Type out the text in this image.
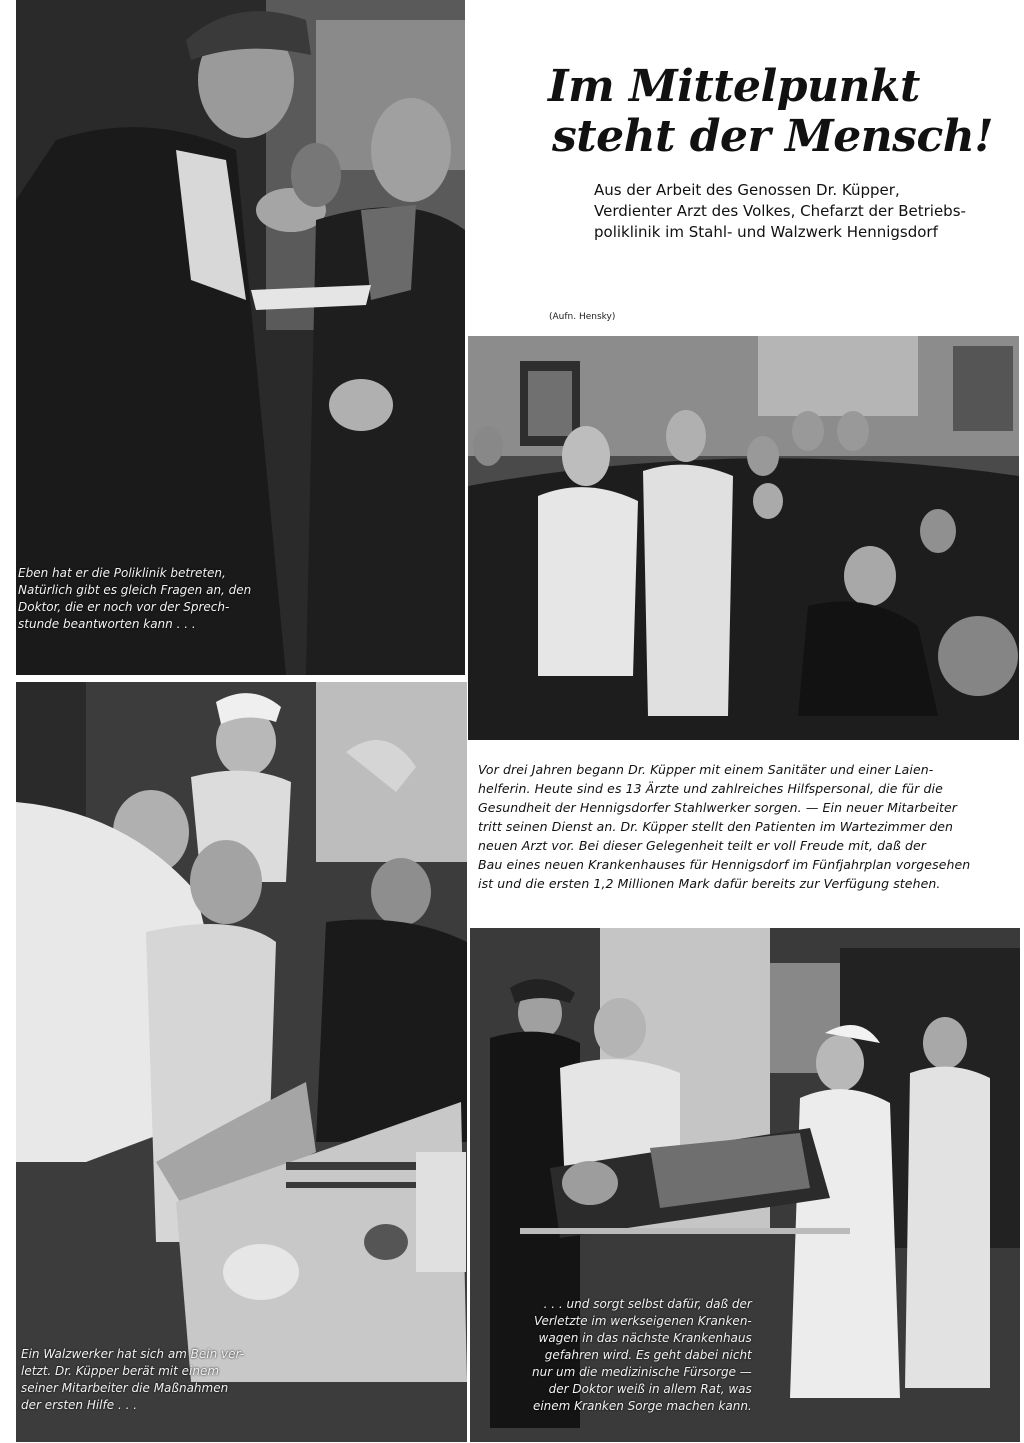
Eben hat er die Poliklinik betreten,
Natürlich gibt es gleich Fragen an, den
Doktor, die er noch vor der Sprech-
stunde beantworten kann . . .
Im Mittelpunkt
steht der Mensch!
Aus der Arbeit des Genossen Dr. Küpper,
Verdienter Arzt des Volkes, Chefarzt der Betriebs-
poliklinik im Stahl- und Walzwerk Hennigsdorf
(Aufn. Hensky)
Vor drei Jahren begann Dr. Küpper mit einem Sanitäter und einer Laien-
helferin. Heute sind es 13 Ärzte und zahlreiches Hilfspersonal, die für die
Gesundheit der Hennigsdorfer Stahlwerker sorgen. — Ein neuer Mitarbeiter
tritt seinen Dienst an. Dr. Küpper stellt den Patienten im Wartezimmer den
neuen Arzt vor. Bei dieser Gelegenheit teilt er voll Freude mit, daß der
Bau eines neuen Krankenhauses für Hennigsdorf im Fünfjahrplan vorgesehen
ist und die ersten 1,2 Millionen Mark dafür bereits zur Verfügung stehen.
Ein Walzwerker hat sich am Bein ver-
letzt. Dr. Küpper berät mit einem
seiner Mitarbeiter die Maßnahmen
der ersten Hilfe . . .
. . . und sorgt selbst dafür, daß der
Verletzte im werkseigenen Kranken-
wagen in das nächste Krankenhaus
gefahren wird. Es geht dabei nicht
nur um die medizinische Fürsorge —
der Doktor weiß in allem Rat, was
einem Kranken Sorge machen kann.
